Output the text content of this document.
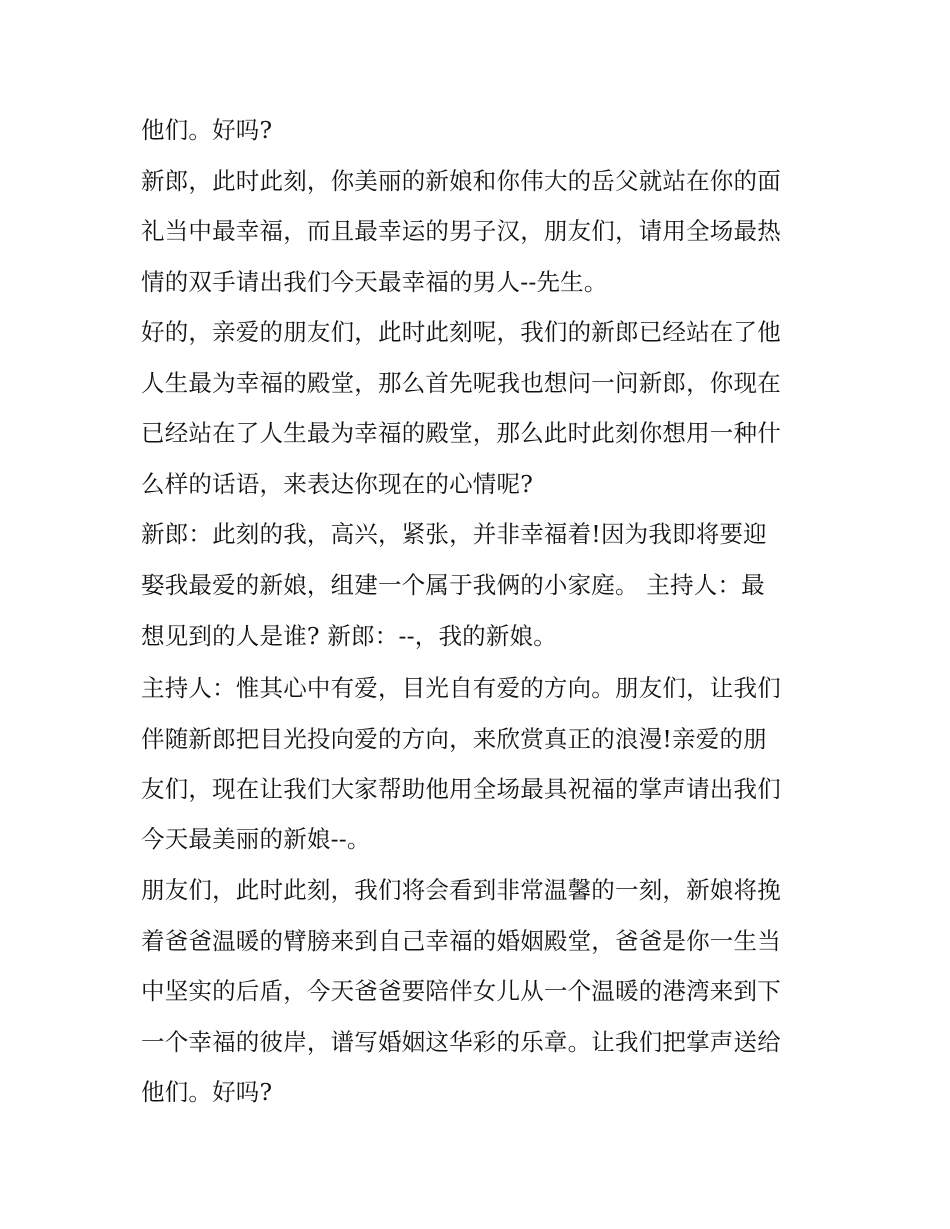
他们。好吗?
新郎，此时此刻，你美丽的新娘和你伟大的岳父就站在你的面
礼当中最幸福，而且最幸运的男子汉，朋友们，请用全场最热
情的双手请出我们今天最幸福的男人--先生。
好的，亲爱的朋友们，此时此刻呢，我们的新郎已经站在了他
人生最为幸福的殿堂，那么首先呢我也想问一问新郎，你现在
已经站在了人生最为幸福的殿堂，那么此时此刻你想用一种什
么样的话语，来表达你现在的心情呢?
新郎：此刻的我，高兴，紧张，并非幸福着!因为我即将要迎
娶我最爱的新娘，组建一个属于我俩的小家庭。 主持人：最
想见到的人是谁? 新郎：--，我的新娘。
主持人：惟其心中有爱，目光自有爱的方向。朋友们，让我们
伴随新郎把目光投向爱的方向，来欣赏真正的浪漫!亲爱的朋
友们，现在让我们大家帮助他用全场最具祝福的掌声请出我们
今天最美丽的新娘--。
朋友们，此时此刻，我们将会看到非常温馨的一刻，新娘将挽
着爸爸温暖的臂膀来到自己幸福的婚姻殿堂，爸爸是你一生当
中坚实的后盾，今天爸爸要陪伴女儿从一个温暖的港湾来到下
一个幸福的彼岸，谱写婚姻这华彩的乐章。让我们把掌声送给
他们。好吗?
